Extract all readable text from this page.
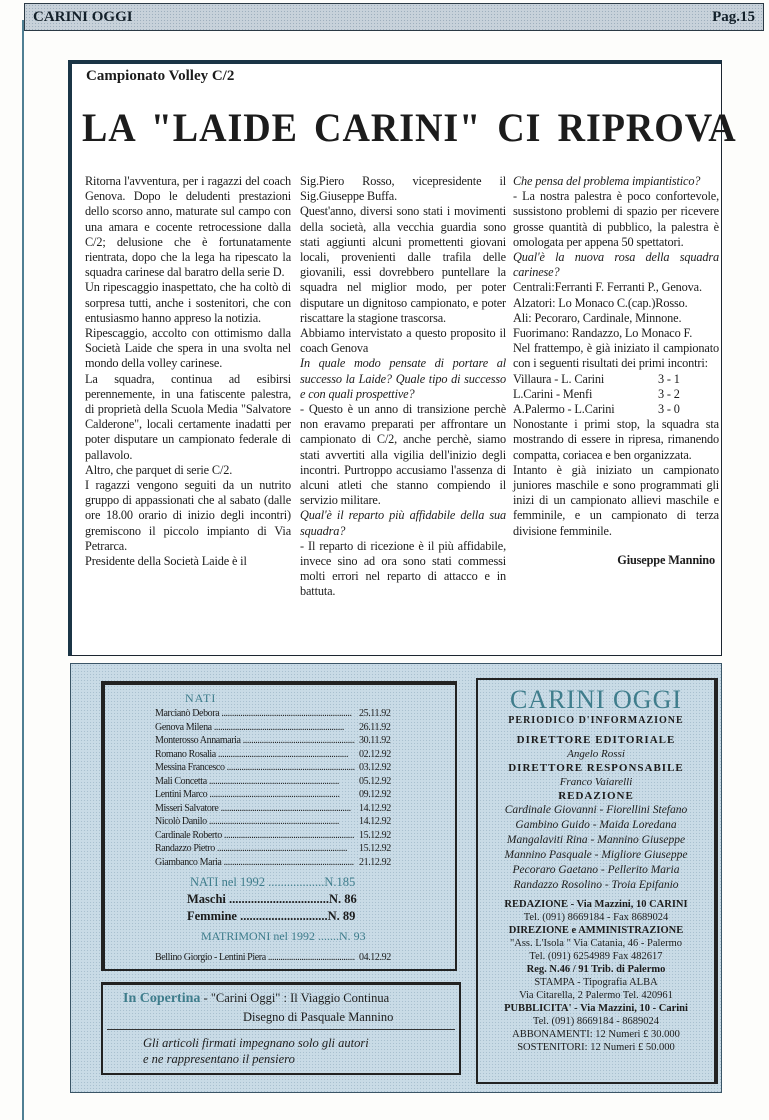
CARINI OGGI	Pag.15
Campionato Volley C/2
LA "LAIDE CARINI" CI RIPROVA

Ritorna l'avventura, per i ragazzi del coach Genova. Dopo le deludenti prestazioni dello scorso anno, maturate sul campo con una amara e cocente retrocessione dalla C/2; delusione che è fortunatamente rientrata, dopo che la lega ha ripescato la squadra carinese dal baratro della serie D.

Un ripescaggio inaspettato, che ha coltò di sorpresa tutti, anche i sostenitori, che con entusiasmo hanno appreso la notizia.

Ripescaggio, accolto con ottimismo dalla Società Laide che spera in una svolta nel mondo della volley carinese.

La squadra, continua ad esibirsi perennemente, in una fatiscente palestra, di proprietà della Scuola Media "Salvatore Calderone", locali certamente inadatti per poter disputare un campionato federale di pallavolo.

Altro, che parquet di serie C/2.

I ragazzi vengono seguiti da un nutrito gruppo di appassionati che al sabato (dalle ore 18.00 orario di inizio degli incontri) gremiscono il piccolo impianto di Via Petrarca.

Presidente della Società Laide è il

Sig.Piero Rosso, vicepresidente il Sig.Giuseppe Buffa.

Quest'anno, diversi sono stati i movimenti della società, alla vecchia guardia sono stati aggiunti alcuni promettenti giovani locali, provenienti dalle trafila delle giovanili, essi dovrebbero puntellare la squadra nel miglior modo, per poter disputare un dignitoso campionato, e poter riscattare la stagione trascorsa.

Abbiamo intervistato a questo proposito il coach Genova

In quale modo pensate di portare al successo la Laide? Quale tipo di successo e con quali prospettive?

- Questo è un anno di transizione perchè non eravamo preparati per affrontare un campionato di C/2, anche perchè, siamo stati avvertiti alla vigilia dell'inizio degli incontri. Purtroppo accusiamo l'assenza di alcuni atleti che stanno compiendo il servizio militare.

Qual'è il reparto più affidabile della sua squadra?

- Il reparto di ricezione è il più affidabile, invece sino ad ora sono stati commessi molti errori nel reparto di attacco e in battuta.

Che pensa del problema impiantistico?

- La nostra palestra è poco confortevole, sussistono problemi di spazio per ricevere grosse quantità di pubblico, la palestra è omologata per appena 50 spettatori.

Qual'è la nuova rosa della squadra carinese?

Centrali:Ferranti F. Ferranti P., Genova.

Alzatori: Lo Monaco C.(cap.)Rosso.

Ali: Pecoraro, Cardinale, Minnone.

Fuorimano: Randazzo, Lo Monaco F.

Nel frattempo, è già iniziato il campionato con i seguenti risultati dei primi incontri:

Villaura - L. Carini	3 - 1
L.Carini - Menfi	3 - 2
A.Palermo - L.Carini	3 - 0

Nonostante i primi stop, la squadra sta mostrando di essere in ripresa, rimanendo compatta, coriacea e ben organizzata.

Intanto è già iniziato un campionato juniores maschile e sono programmati gli inizi di un campionato allievi maschile e femminile, e un campionato di terza divisione femminile.

Giuseppe Mannino
NATI
Marcianò Debora .....	25.11.92
Genova Milena .....	26.11.92
Monterosso Annamaria .....	30.11.92
Romano Rosalia .....	02.12.92
Messina Francesco .....	03.12.92
Mali Concetta .....	05.12.92
Lentini Marco .....	09.12.92
Misseri Salvatore .....	14.12.92
Nicolò Danilo .....	14.12.92
Cardinale Roberto .....	15.12.92
Randazzo Pietro .....	15.12.92
Giambanco Maria .....	21.12.92
NATI nel 1992 ..................N.185
Maschi ................................N. 86
Femmine ............................N. 89
MATRIMONI nel 1992 .......N. 93
Bellino Giorgio - Lentini Piera .....	04.12.92
In Copertina - "Carini Oggi" : Il Viaggio Continua
Disegno di Pasquale Mannino
Gli articoli firmati impegnano solo gli autori
e ne rappresentano il pensiero
CARINI OGGI
PERIODICO D'INFORMAZIONE
DIRETTORE EDITORIALE
Angelo Rossi
DIRETTORE RESPONSABILE
Franco Vaiarelli
REDAZIONE
Cardinale Giovanni - Fiorellini Stefano
Gambino Guido - Maida Loredana
Mangalaviti Rina - Mannino Giuseppe
Mannino Pasquale - Migliore Giuseppe
Pecoraro Gaetano - Pellerito Maria
Randazzo Rosolino - Troia Epifanio
REDAZIONE - Via Mazzini, 10 CARINI
Tel. (091) 8669184 - Fax 8689024
DIREZIONE e AMMINISTRAZIONE
"Ass. L'Isola " Via Catania, 46 - Palermo
Tel. (091) 6254989 Fax 482617
Reg. N.46 / 91 Trib. di Palermo
STAMPA - Tipografia ALBA
Via Citarella, 2 Palermo Tel. 420961
PUBBLICITA' - Via Mazzini, 10 - Carini
Tel. (091) 8669184 - 8689024
ABBONAMENTI: 12 Numeri £ 30.000
SOSTENITORI: 12 Numeri £ 50.000
